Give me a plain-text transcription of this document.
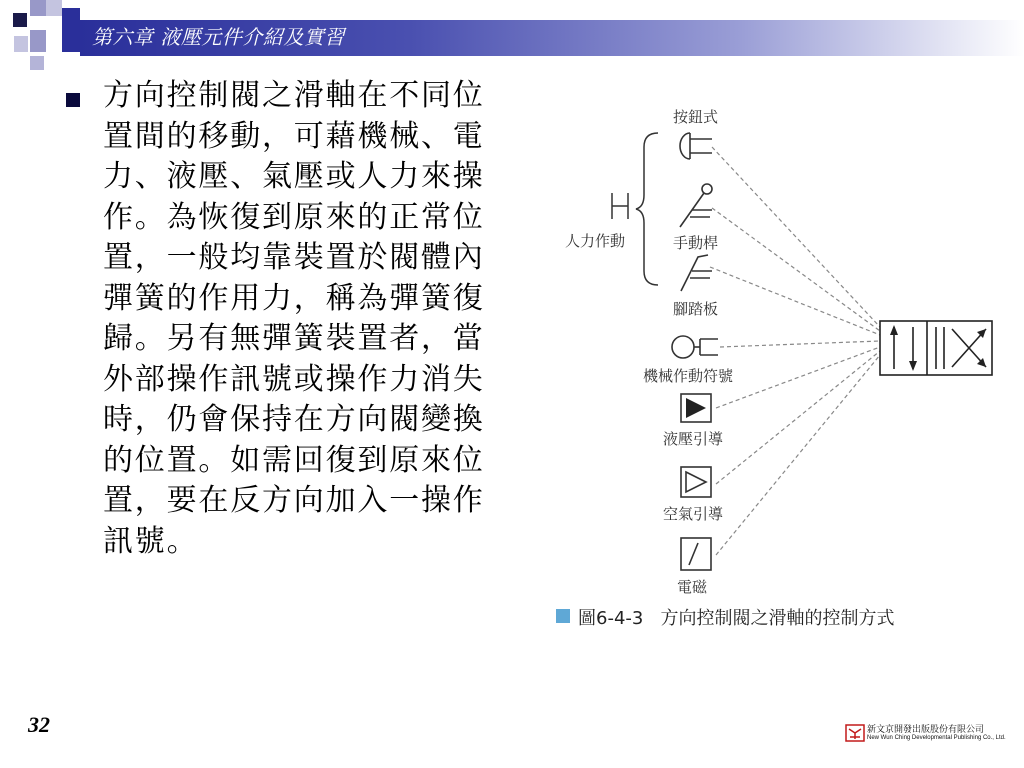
第六章 液壓元件介紹及實習
方向控制閥之滑軸在不同位置間的移動，可藉機械、電力、液壓、氣壓或人力來操作。為恢復到原來的正常位置，一般均靠裝置於閥體內彈簧的作用力，稱為彈簧復歸。另有無彈簧裝置者，當外部操作訊號或操作力消失時，仍會保持在方向閥變換的位置。如需回復到原來位置，要在反方向加入一操作訊號。
人力作動
按鈕式
手動桿
腳踏板
機械作動符號
液壓引導
空氣引導
電磁
圖6-4-3 方向控制閥之滑軸的控制方式
32	新文京開發出版股份有限公司
New Wun Ching Developmental Publishing Co., Ltd.
